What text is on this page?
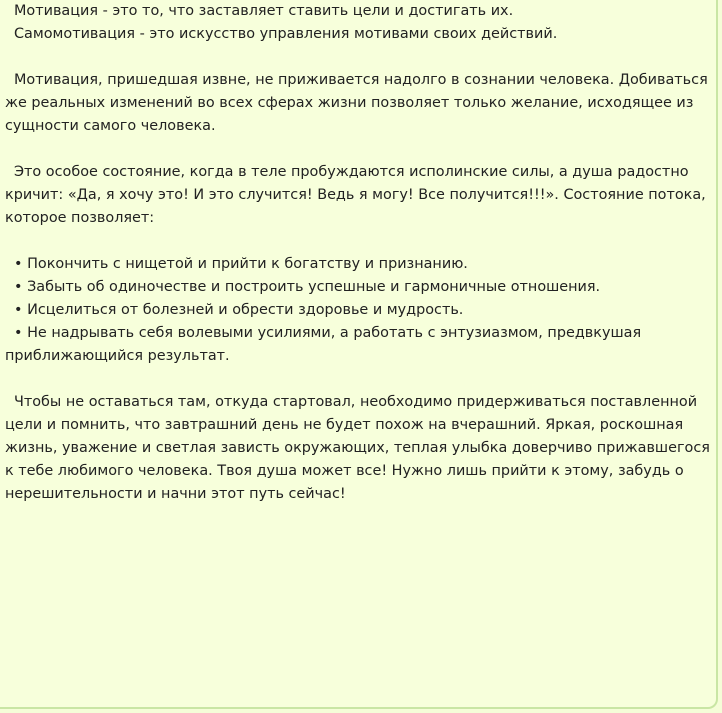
Мотивация - это то, что заставляет ставить цели и достигать их.
Самомотивация - это искусство управления мотивами своих действий.

Мотивация, пришедшая извне, не приживается надолго в сознании человека. Добиваться же реальных изменений во всех сферах жизни позволяет только желание, исходящее из сущности самого человека.

Это особое состояние, когда в теле пробуждаются исполинские силы, а душа радостно кричит: «Да, я хочу это! И это случится! Ведь я могу! Все получится!!!». Состояние потока, которое позволяет:

• Покончить с нищетой и прийти к богатству и признанию.
• Забыть об одиночестве и построить успешные и гармоничные отношения.
• Исцелиться от болезней и обрести здоровье и мудрость.
• Не надрывать себя волевыми усилиями, а работать с энтузиазмом, предвкушая приближающийся результат.

Чтобы не оставаться там, откуда стартовал, необходимо придерживаться поставленной цели и помнить, что завтрашний день не будет похож на вчерашний. Яркая, роскошная жизнь, уважение и светлая зависть окружающих, теплая улыбка доверчиво прижавшегося к тебе любимого человека. Твоя душа может все! Нужно лишь прийти к этому, забудь о нерешительности и начни этот путь сейчас!
